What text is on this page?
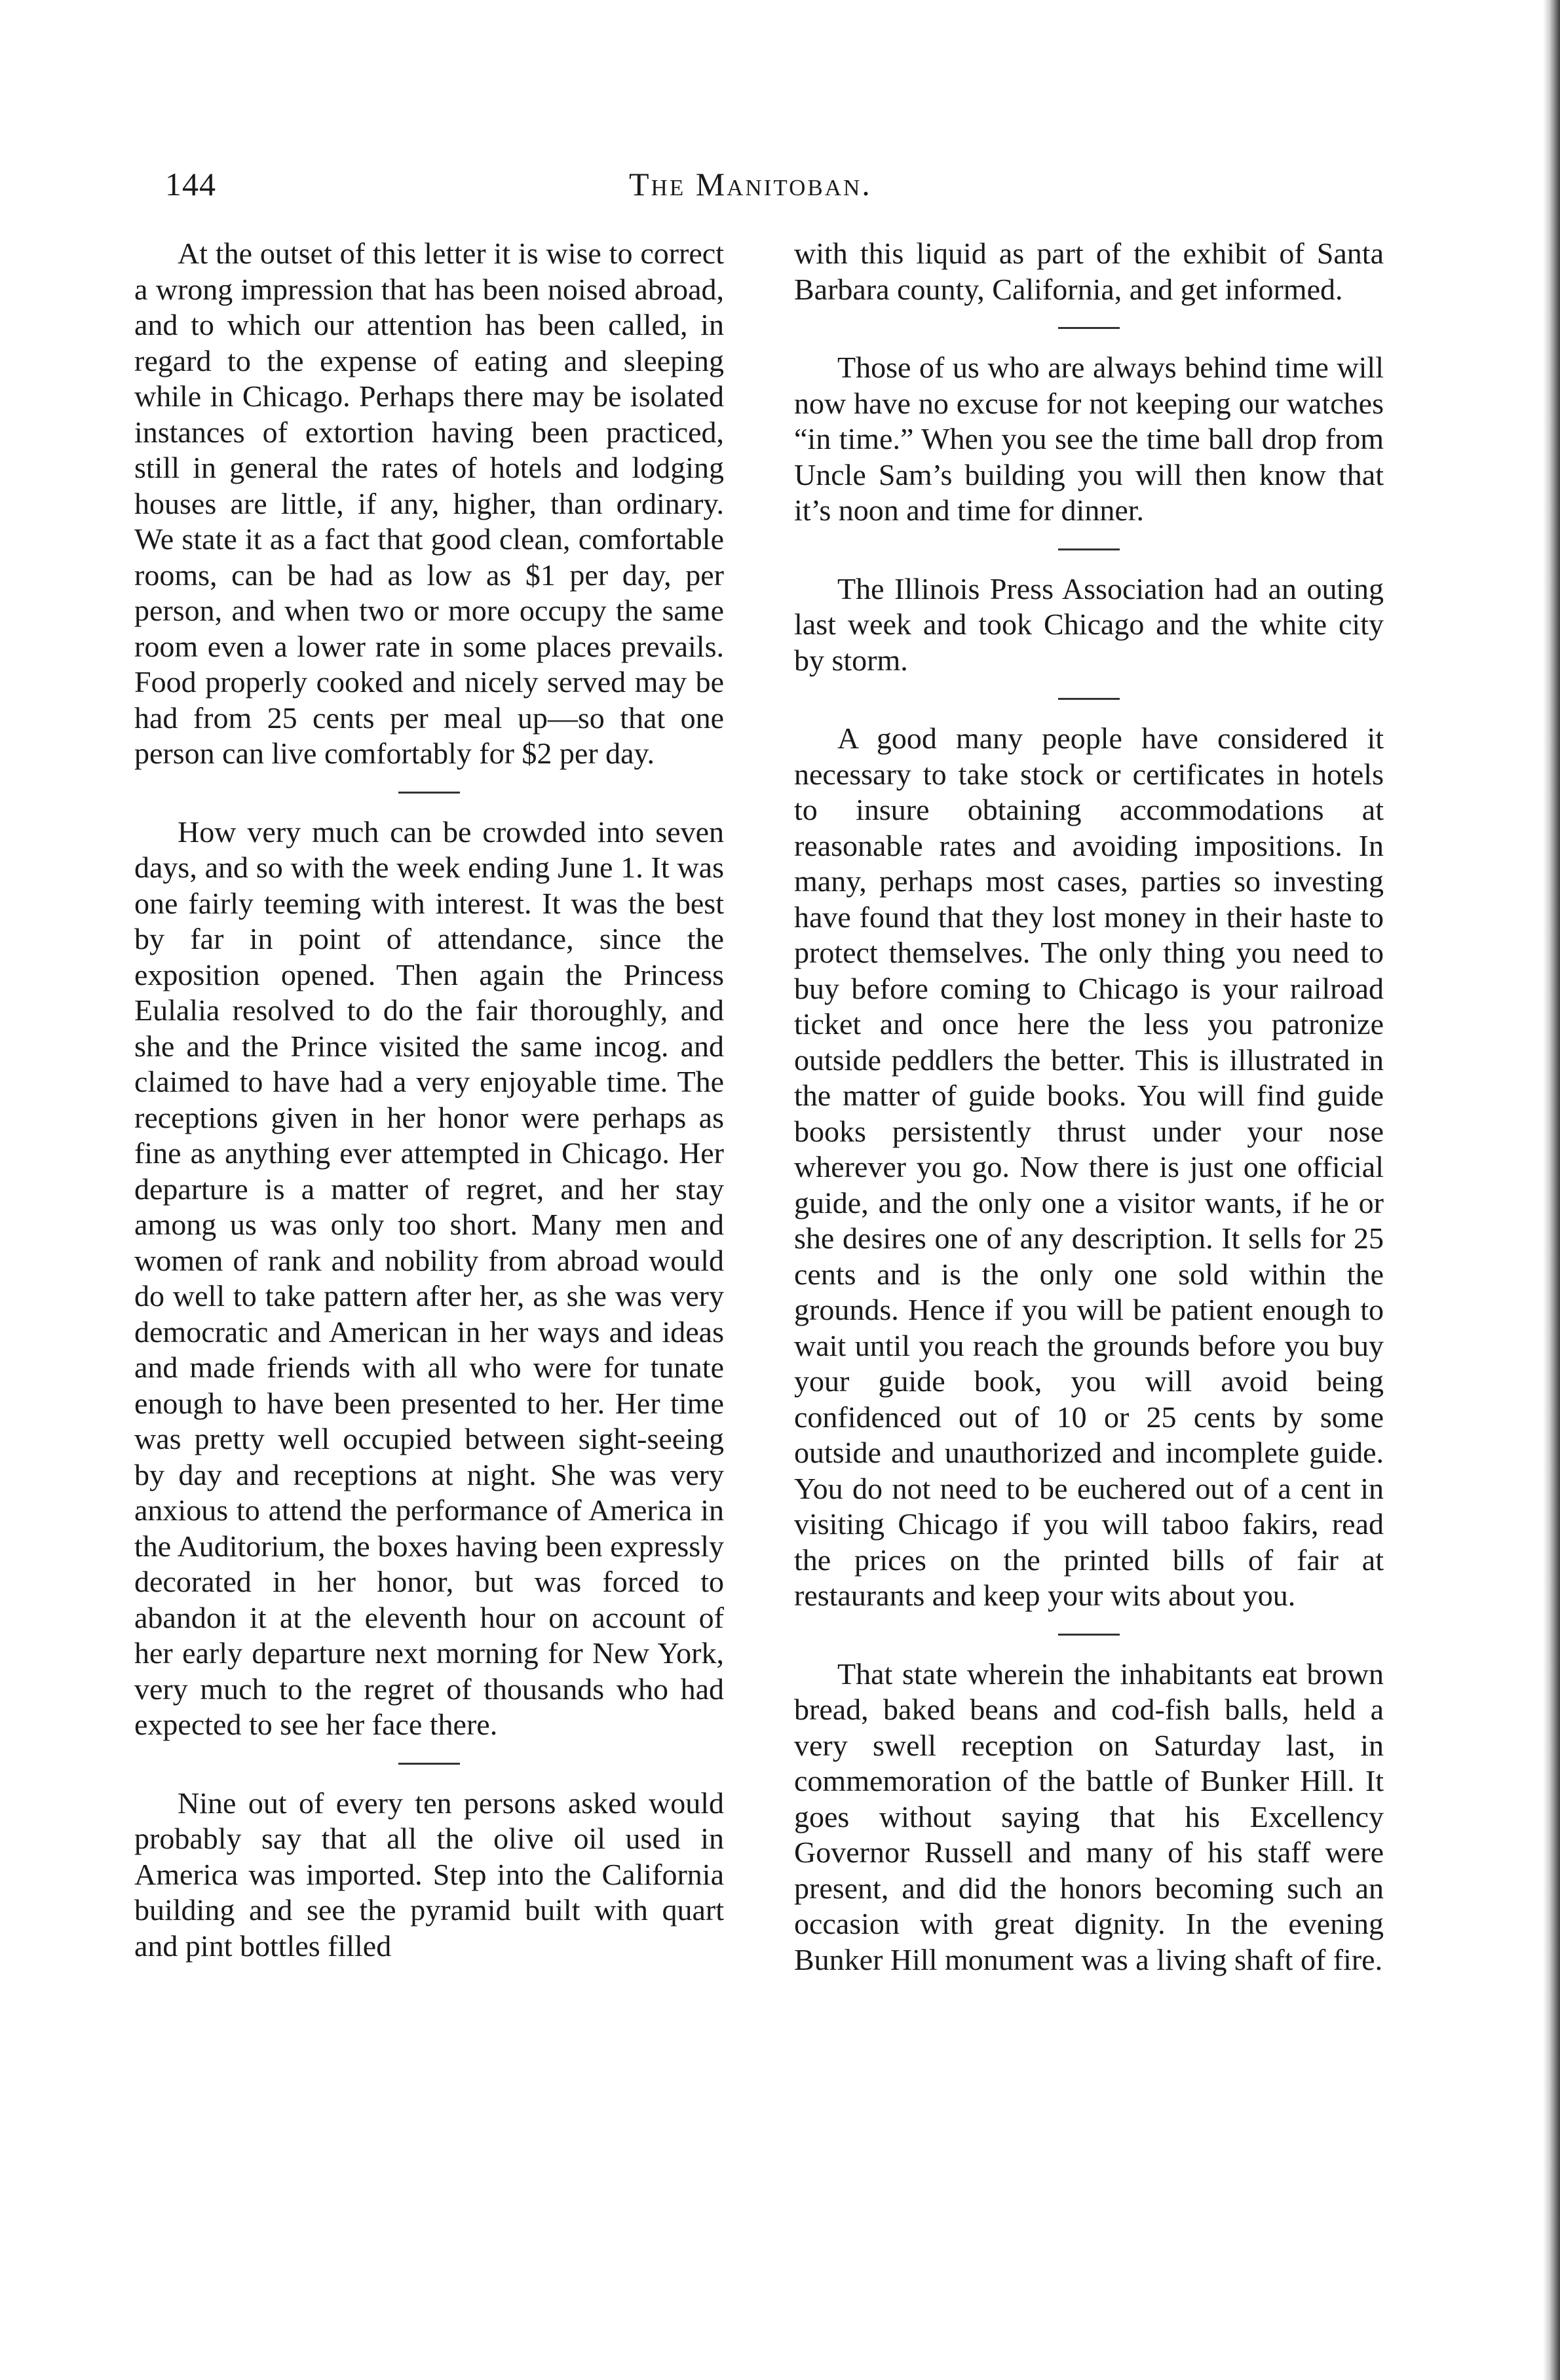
144	The Manitoban.

At the outset of this letter it is wise to correct a wrong impression that has been noised abroad, and to which our attention has been called, in regard to the expense of eating and sleeping while in Chicago. Perhaps there may be isolated instances of extortion having been practiced, still in general the rates of hotels and lodging houses are little, if any, higher, than ordinary. We state it as a fact that good clean, comfortable rooms, can be had as low as $1 per day, per person, and when two or more occupy the same room even a lower rate in some places prevails. Food properly cooked and nicely served may be had from 25 cents per meal up—so that one person can live comfortably for $2 per day.

How very much can be crowded into seven days, and so with the week ending June 1. It was one fairly teeming with interest. It was the best by far in point of attendance, since the exposition opened. Then again the Princess Eulalia resolved to do the fair thoroughly, and she and the Prince visited the same incog. and claimed to have had a very enjoyable time. The receptions given in her honor were perhaps as fine as anything ever attempted in Chicago. Her departure is a matter of regret, and her stay among us was only too short. Many men and women of rank and nobility from abroad would do well to take pattern after her, as she was very democratic and American in her ways and ideas and made friends with all who were for tunate enough to have been presented to her. Her time was pretty well occupied between sight-seeing by day and receptions at night. She was very anxious to attend the performance of America in the Auditorium, the boxes having been expressly decorated in her honor, but was forced to abandon it at the eleventh hour on account of her early departure next morning for New York, very much to the regret of thousands who had expected to see her face there.

Nine out of every ten persons asked would probably say that all the olive oil used in America was imported. Step into the California building and see the pyramid built with quart and pint bottles filled

with this liquid as part of the exhibit of Santa Barbara county, California, and get informed.

Those of us who are always behind time will now have no excuse for not keeping our watches “in time.” When you see the time ball drop from Uncle Sam’s building you will then know that it’s noon and time for dinner.

The Illinois Press Association had an outing last week and took Chicago and the white city by storm.

A good many people have considered it necessary to take stock or certificates in hotels to insure obtaining accommodations at reasonable rates and avoiding impositions. In many, perhaps most cases, parties so investing have found that they lost money in their haste to protect themselves. The only thing you need to buy before coming to Chicago is your railroad ticket and once here the less you patronize outside peddlers the better. This is illustrated in the matter of guide books. You will find guide books persistently thrust under your nose wherever you go. Now there is just one official guide, and the only one a visitor wants, if he or she desires one of any description. It sells for 25 cents and is the only one sold within the grounds. Hence if you will be patient enough to wait until you reach the grounds before you buy your guide book, you will avoid being confidenced out of 10 or 25 cents by some outside and unauthorized and incomplete guide. You do not need to be euchered out of a cent in visiting Chicago if you will taboo fakirs, read the prices on the printed bills of fair at restaurants and keep your wits about you.

That state wherein the inhabitants eat brown bread, baked beans and cod-fish balls, held a very swell reception on Saturday last, in commemoration of the battle of Bunker Hill. It goes without saying that his Excellency Governor Russell and many of his staff were present, and did the honors becoming such an occasion with great dignity. In the evening Bunker Hill monument was a living shaft of fire.
